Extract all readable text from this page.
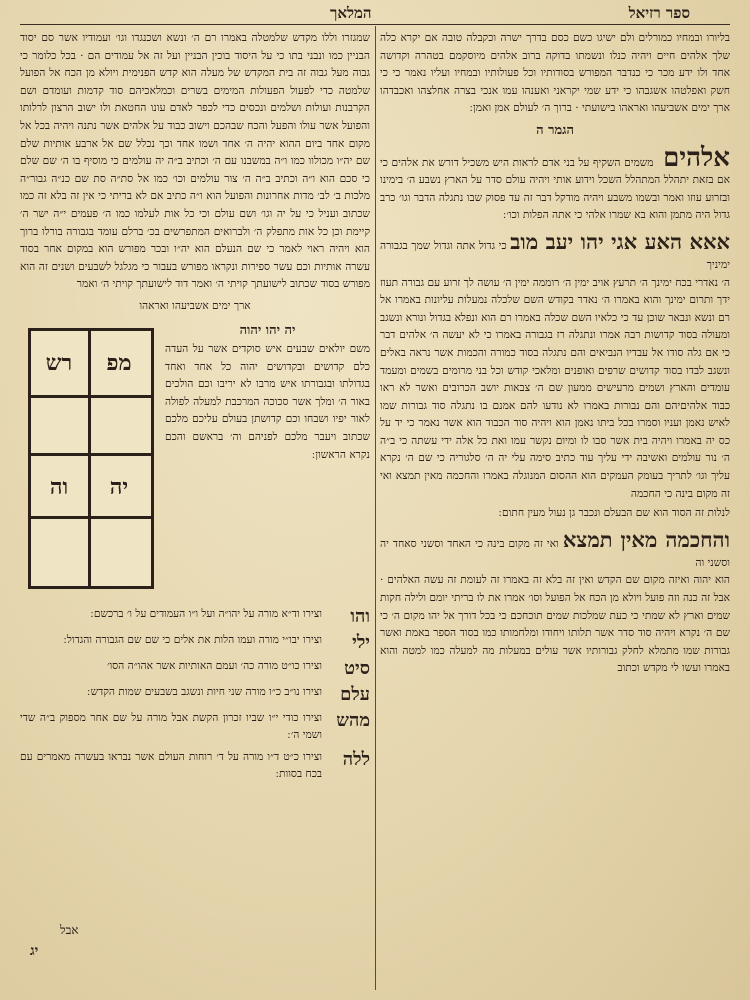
ספר רזיאל
המלאך

בליורו ובמחיו כמורלים ולם ישיגו כשם כסם בדרך ישרה וכקבלה טובה אם יקרא כלה שלך אלהים חיים ויהיה כנלו ונשמתו בדוקה ברוב אלהים מיוסקמם בטהרה וקדושה אחד ולו ידע מכר כי כנדבר המפורש בסודותיו וכל פעולותיו ובמחיו ועליו נאמר כי כי חשק ואפלטהו אשגבהו כי ידע שמי יקראני ואענהו עמו אנכי בצרה אחלצהו ואכבדהו ארך ימים אשביעהו ואראהו בישועתי · ברוך ה׳ לעולם אמן ואמן ׃

הגמר ה

אלהים משמים השקיף על בני אדם לראות היש משכיל דורש את אלהים כי אם בזאת יתהלל המתהלל השכל וידוע אותי ויהיה עולם סדר על הארץ נשבע ה׳ בימינו ובזרוע עוזו ואמר ובשמו משבע ויהיה מודקל דבר זה עד פסוק שבו נתגלה הדבר וגו׳ כרב גדול היה מתמן והוא בא שמרו אלהי כי אתה הפלות וכו׳ ׃

אאא האע אגי יהו יעב מוב כי גדול אתה וגדול שמך בגבורה ימיניך

ה׳ נאדרי בכח ימינך ה׳ תרעץ אויב ימין ה׳ רוממה ימין ה׳ עושה לך זרוע עם גבורה תעוז ידך ותרום ימינך והוא באמרו ה׳ נאדר בקודש השם שלכלה נמעלות עליונות באמרו אל רם ונשא ונבאר שוכן עד כי כלאיו השם שכלה באמרו רם הוא ונפלא בגדול ונורא ונשגב ומעולה בסוד קדושות רבה אמרו ונתגלה רז בגבורה באמרו כי לא יעשה ה׳ אלהים דבר כי אם גלה סודו אל עבדיו הנביאים והם נתגלה בסוד כמורה והכמות אשר נראה באלים ונשגב לבדו בסוד קדושים שרפים ואופנים ומלאכי קודש וכל בני מרומים בשמים ומעמד עומדים והארץ ושמים מרעישים ממעון שם ה׳ צבאות יושב הכרובים ואשר לא ראו כבוד אלהיםיהם והם נבורות באמרו לא נודעו להם אמנם בו נתגלה סוד גבורות שמו לאיש נאמן ועניו וסמרו בכל ביתו נאמן הוא ויהיה סוד הכבוד הוא אשר נאמר כי יד על כס יה באמרו ויהיה בית אשר סבו לו ומיום נקשר עמו ואת כל אלה ידי עשתה כי ב״ה ה׳ נור עולמים ואשיבה ידי עליך עוד כתיב סימה עלי יה ה׳ סלגוריה כי שם ה׳ נקרא עליך וגו׳ לתריך בעומק העמקים הוא ההסום המנוגלה באמרו והחכמה מאין תמצא ואי זה מקום בינה כי החכמה

לנלות זה הסוד הוא שם הבעלם ונכבר גן נעול מעין חתום ׃

והחכמה מאין תמצא ואי זה מקום בינה כי האחד וסשני סאחד יה וסשני וה

הוא יהוה ואיזה מקום שם הקדש ואין זה בלא זה באמרו זה לעומת זה עשה האלהים · אבל זה כנה וזה פועל ויולא מן הכח אל הפועל וסו׳ אמרו את לו בריתי יומם ולילה חקות שמים וארץ לא שמתי כי כעת שמלכות שמים תוכחכם כי בכל דורך אל יהו מקום ה׳ כי שם ה׳ נקרא ויהיה סוד סדר אשר תלותו ויחודו ומלחמותו כמו בסוד הספר באמת ואשר גבורות שמו מתמלא לחלק גבורותיו אשר עולים במעלות מה למעלה כמו למטה והוא באמרו ועשו לי מקדש וכתוב

שמגזרו וללו מקדש שלמטלה באמרו רם ה׳ ונשא ושכנגדו וגו׳ ועמודיו אשר סם יסוד הבניין כמו ונבני בתו כי על היסוד בוכין הבניין ועל זה אל עמודים הם · בכל כלומר כי גבוה מעל גבוה זה בית המקדש של מעלה הוא קדש הפנימית ויולא מן הכח אל הפועל שלמטה כדי לפעול הפעולות המימים בשרים וכמלאכיהם סוד קדמות ועומדם ושם הקרבנות ועולות ושלמים ונכסים כדי לכפר לאדם עונו החטאת ולו ישוב הרצון לרלותו והפועל אשר עולו והפעל והכח שבהכם וישוב כבוד על אלהים אשר נתנה ויהיה בכל אל מקום אחד ביום ההוא יהיה ה׳ אחד ושמו אחד וכך נכלל שם אל ארבע אותיות שלם שם יה״ו מכולוו כמו ו״ה במשבנו עם ה׳ וכתיב ב״ה יה עולמים כי מוסיף בו ה׳ שם שלם כי סכם הוא ו״ה וכתיב ב״ה ה׳ צור עולמים וכו׳ כמו אל סת״ה סת שם כנ״ה גבור״ה מלכות ב׳ לב׳ מדות אחרונות והפועל הוא ו״ה כתיב אם לא בריתי כי אין זה בלא זה כמו שכתוב ועניל כי על יה וגו׳ ושם עולם וכי כל אות לעלמו כמו ה׳ פעמים י״ה ישר ה׳ קיימת וכן כל אות מתפלק ה׳ ולברואים המתפרשים בכ׳ ברלם עומד בגבורה בורלו ברוך הוא ויהיה ראוי לאמר כי שם הנעלם הוא יה״ו ובכר מפורש הוא במקום אחר בסוד עשרה אותיות וכם עשר ספירות ונקראו מפורש בעבור כי מגלגל לשבעים ושנים זה הוא מפורש בסוד שכתוב לישועתך קויתי ה׳ ואמר דוד לישועתך קויתי ה׳ ואמר

ארך ימים אשביעהו ואראהו
מפ
רש
יה
וה
יה יהו יהוה
משם יולאים שבעים איש סוקדים אשר על העדה כלם קדושים ובקדושים יהוה כל אחד ואחד בגדולתו ובגבורתו איש מרבו לא יריבו וכם הולכים באור ה׳ ומלך אשר סכוכה המרכבת למעלה לפולה לאור יפיו ושבחו וכם קדושתן בעולם עליכם מלכם שכתוב ויעבר מלכם לפניהם וה׳ בראשם והכם נקרא הראשון ׃
והו
וצירו וד״א מורה על יהו״ה ועל ו״ו העמודים על ו׳ ברכשם ׃
ילי
וצירו יבו״י מורה ועמו הלות את אלים כי שם שם הגבורה והגדול ׃
סיט
וצירו כו״ט מורה כה׳ ועמם האותיות אשר אהו״ה הסו׳
עלם
וצירו נו״ב כ״ו מורה שני חיות ונשגב בשבעים שמות הקדש ׃
מהש
וצירו כודי י״ו שביו זכרון הקשת אבל מורה על שם אחר מספוק ב״ה שדי ושמי ה׳ ׃
ללה
וצירו כ״ט ד״ו מורה על ד׳ רוחות העולם אשר נבראו בעשרה מאמרים עם בכח בסוות ׃
אבל
יג
